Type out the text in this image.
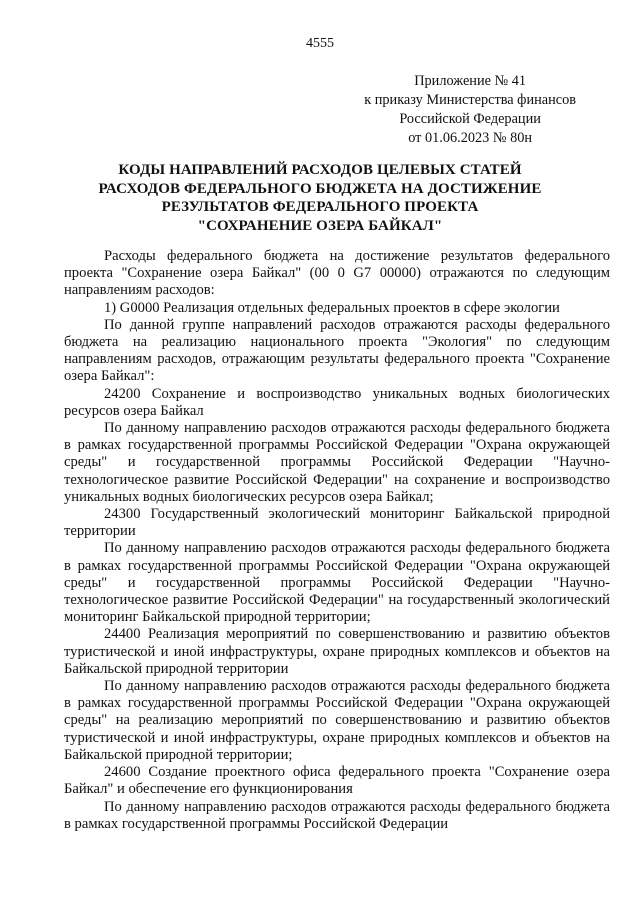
4555
Приложение № 41
к приказу Министерства финансов
Российской Федерации
от 01.06.2023 № 80н
КОДЫ НАПРАВЛЕНИЙ РАСХОДОВ ЦЕЛЕВЫХ СТАТЕЙ
РАСХОДОВ ФЕДЕРАЛЬНОГО БЮДЖЕТА НА ДОСТИЖЕНИЕ
РЕЗУЛЬТАТОВ ФЕДЕРАЛЬНОГО ПРОЕКТА
"СОХРАНЕНИЕ ОЗЕРА БАЙКАЛ"

Расходы федерального бюджета на достижение результатов федерального проекта "Сохранение озера Байкал" (00 0 G7 00000) отражаются по следующим направлениям расходов:

1) G0000 Реализация отдельных федеральных проектов в сфере экологии

По данной группе направлений расходов отражаются расходы федерального бюджета на реализацию национального проекта "Экология" по следующим направлениям расходов, отражающим результаты федерального проекта "Сохранение озера Байкал":

24200 Сохранение и воспроизводство уникальных водных биологических ресурсов озера Байкал

По данному направлению расходов отражаются расходы федерального бюджета в рамках государственной программы Российской Федерации "Охрана окружающей среды" и государственной программы Российской Федерации "Научно-технологическое развитие Российской Федерации" на сохранение и воспроизводство уникальных водных биологических ресурсов озера Байкал;

24300 Государственный экологический мониторинг Байкальской природной территории

По данному направлению расходов отражаются расходы федерального бюджета в рамках государственной программы Российской Федерации "Охрана окружающей среды" и государственной программы Российской Федерации "Научно-технологическое развитие Российской Федерации" на государственный экологический мониторинг Байкальской природной территории;

24400 Реализация мероприятий по совершенствованию и развитию объектов туристической и иной инфраструктуры, охране природных комплексов и объектов на Байкальской природной территории

По данному направлению расходов отражаются расходы федерального бюджета в рамках государственной программы Российской Федерации "Охрана окружающей среды" на реализацию мероприятий по совершенствованию и развитию объектов туристической и иной инфраструктуры, охране природных комплексов и объектов на Байкальской природной территории;

24600 Создание проектного офиса федерального проекта "Сохранение озера Байкал" и обеспечение его функционирования

По данному направлению расходов отражаются расходы федерального бюджета в рамках государственной программы Российской Федерации
